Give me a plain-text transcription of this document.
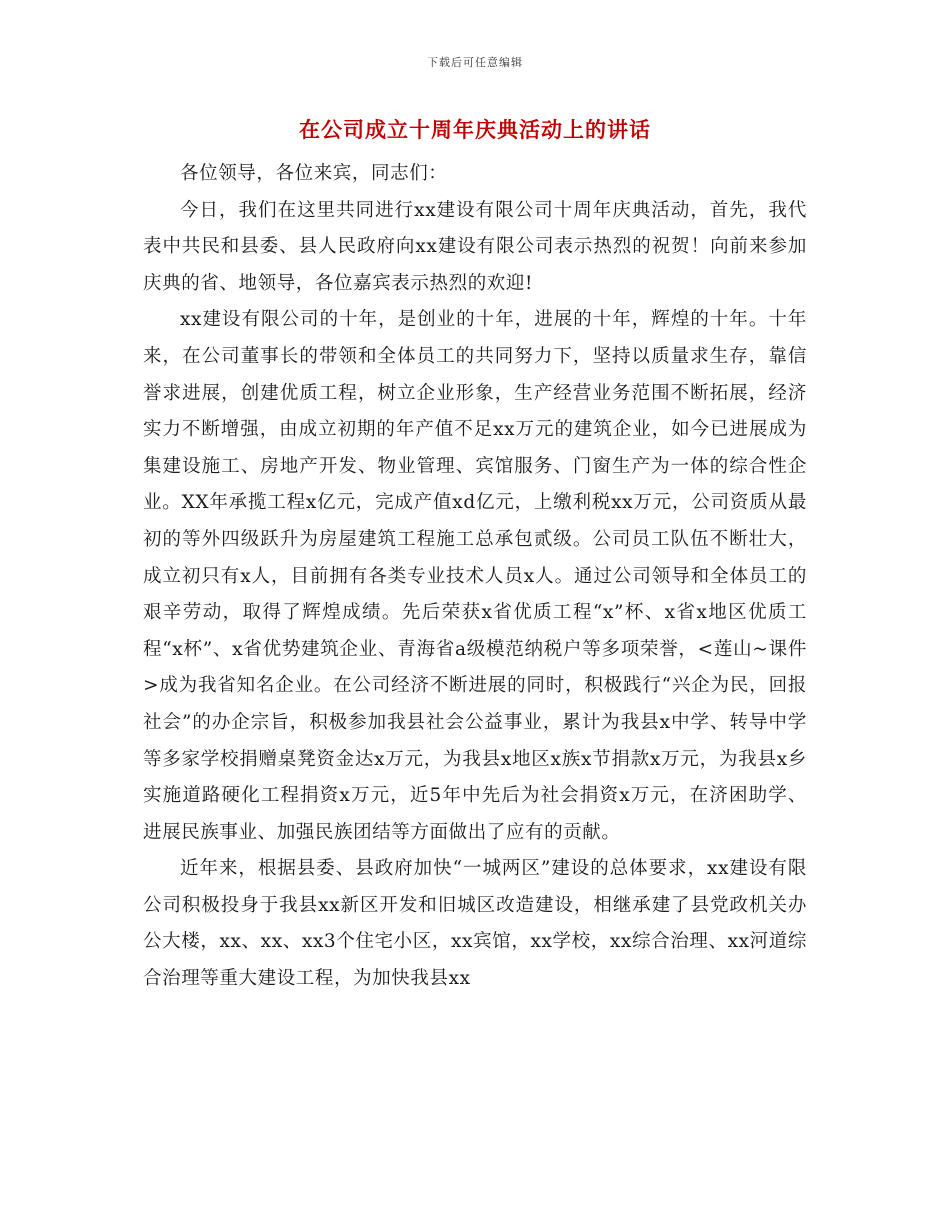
下载后可任意编辑
在公司成立十周年庆典活动上的讲话

各位领导，各位来宾，同志们：

今日，我们在这里共同进行xx建设有限公司十周年庆典活动，首先，我代表中共民和县委、县人民政府向xx建设有限公司表示热烈的祝贺！向前来参加庆典的省、地领导，各位嘉宾表示热烈的欢迎!

xx建设有限公司的十年，是创业的十年，进展的十年，辉煌的十年。十年来，在公司董事长的带领和全体员工的共同努力下，坚持以质量求生存，靠信誉求进展，创建优质工程，树立企业形象，生产经营业务范围不断拓展，经济实力不断增强，由成立初期的年产值不足xx万元的建筑企业，如今已进展成为集建设施工、房地产开发、物业管理、宾馆服务、门窗生产为一体的综合性企业。XX年承揽工程x亿元，完成产值xd亿元，上缴利税xx万元，公司资质从最初的等外四级跃升为房屋建筑工程施工总承包贰级。公司员工队伍不断壮大，成立初只有x人，目前拥有各类专业技术人员x人。通过公司领导和全体员工的艰辛劳动，取得了辉煌成绩。先后荣获x省优质工程“x”杯、x省x地区优质工程“x杯”、x省优势建筑企业、青海省a级模范纳税户等多项荣誉，<莲山~课件 >成为我省知名企业。在公司经济不断进展的同时，积极践行“兴企为民，回报社会”的办企宗旨，积极参加我县社会公益事业，累计为我县x中学、转导中学等多家学校捐赠桌凳资金达x万元，为我县x地区x族x节捐款x万元，为我县x乡实施道路硬化工程捐资x万元，近5年中先后为社会捐资x万元，在济困助学、进展民族事业、加强民族团结等方面做出了应有的贡献。

近年来，根据县委、县政府加快“一城两区”建设的总体要求，xx建设有限公司积极投身于我县xx新区开发和旧城区改造建设，相继承建了县党政机关办公大楼，xx、xx、xx3个住宅小区，xx宾馆，xx学校，xx综合治理、xx河道综合治理等重大建设工程，为加快我县xx
